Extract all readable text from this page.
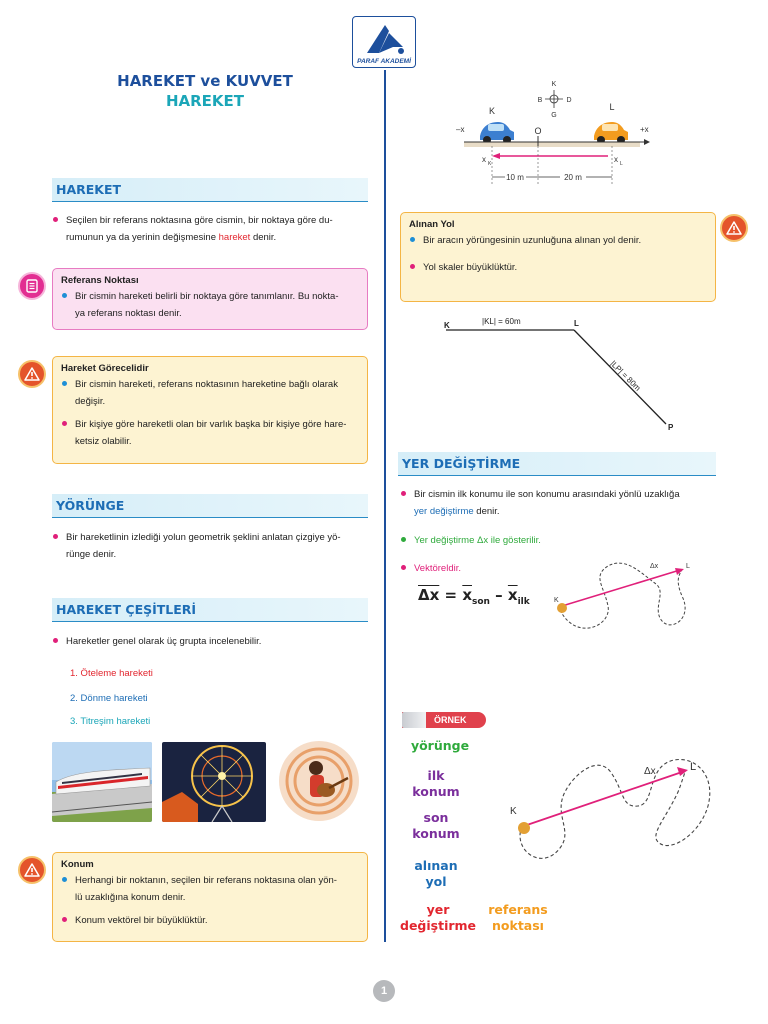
PARAF AKADEMİ
HAREKET ve KUVVET
HAREKET
HAREKET
Seçilen bir referans noktasına göre cismin, bir noktaya göre du-
rumunun ya da yerinin değişmesine hareket denir.
Referans Noktası
Bir cismin hareketi belirli bir noktaya göre tanımlanır. Bu nokta-
ya referans noktası denir.
Hareket Görecelidir
Bir cismin hareketi, referans noktasının hareketine bağlı olarak
değişir.
Bir kişiye göre hareketli olan bir varlık başka bir kişiye göre hare-
ketsiz olabilir.
YÖRÜNGE
Bir hareketlinin izlediği yolun geometrik şeklini anlatan çizgiye yö-
rünge denir.
HAREKET ÇEŞİTLERİ
Hareketler genel olarak üç grupta incelenebilir.
1. Öteleme hareketi
2. Dönme hareketi
3. Titreşim hareketi
Konum
Herhangi bir noktanın, seçilen bir referans noktasına olan yön-
lü uzaklığına konum denir.
Konum vektörel bir büyüklüktür.
K
B	D
G
K	L
O
–x	+x
x K	x L
10 m	20 m
Alınan Yol
Bir aracın yörüngesinin uzunluğuna alınan yol denir.
Yol skaler büyüklüktür.
K	L
P
|KL| = 60m
|LP| = 80m
YER DEĞİŞTİRME
Bir cismin ilk konumu ile son konumu arasındaki yönlü uzaklığa
yer değiştirme denir.
Yer değiştirme Δx ile gösterilir.
Vektöreldir.
$\overline{\Delta x} = \overline{x}_{son} - \overline{x}_{ilk}$	K
L
Δx
ÖRNEK
yörünge
ilk
konum
son
konum
alınan
yol
yer
değiştirme
referans
noktası
K
L
Δx
1
